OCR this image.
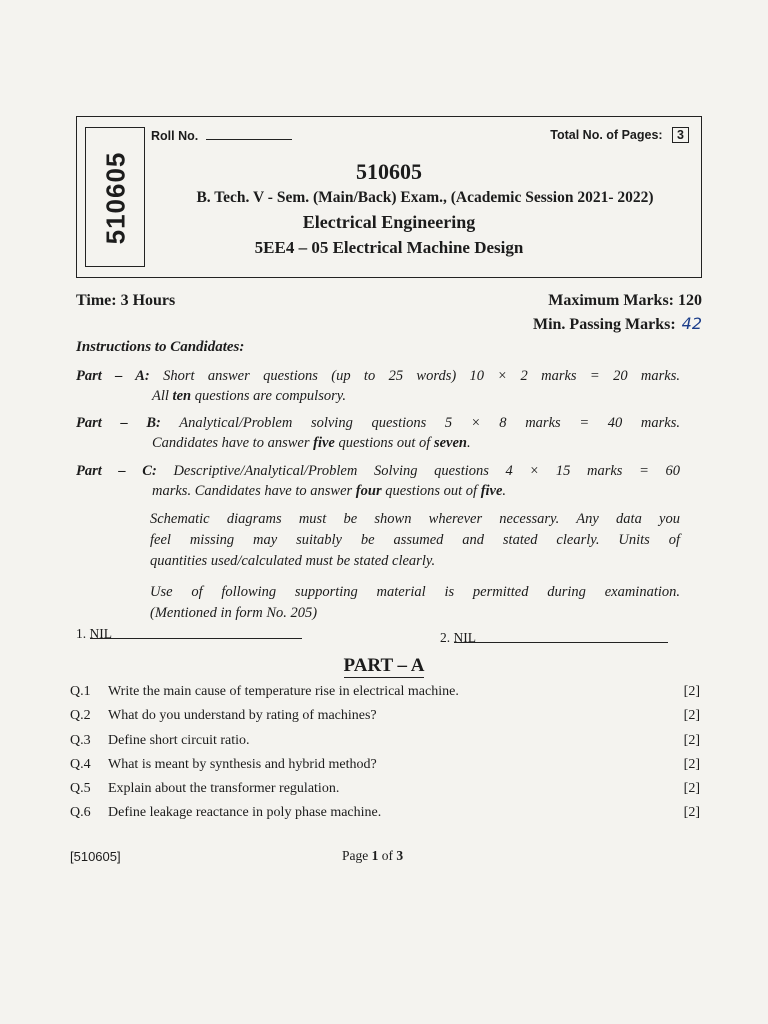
510605
Roll No.	Total No. of Pages: 3
510605
B. Tech. V - Sem. (Main/Back) Exam., (Academic Session 2021- 2022)
Electrical Engineering
5EE4 – 05 Electrical Machine Design
Time: 3 Hours	Maximum Marks: 120
Min. Passing Marks: 42
Instructions to Candidates:
Part – A: Short answer questions (up to 25 words) 10 × 2 marks = 20 marks.
All ten questions are compulsory.
Part – B: Analytical/Problem solving questions 5 × 8 marks = 40 marks.
Candidates have to answer five questions out of seven.
Part – C: Descriptive/Analytical/Problem Solving questions 4 × 15 marks = 60
marks. Candidates have to answer four questions out of five.
Schematic diagrams must be shown wherever necessary. Any data you
feel missing may suitably be assumed and stated clearly. Units of
quantities used/calculated must be stated clearly.
Use of following supporting material is permitted during examination.
(Mentioned in form No. 205)
1. NIL	2. NIL
PART – A
Q.1 Write the main cause of temperature rise in electrical machine.	[2]
Q.2 What do you understand by rating of machines?	[2]
Q.3 Define short circuit ratio.	[2]
Q.4 What is meant by synthesis and hybrid method?	[2]
Q.5 Explain about the transformer regulation.	[2]
Q.6 Define leakage reactance in poly phase machine.	[2]
[510605]	Page 1 of 3
